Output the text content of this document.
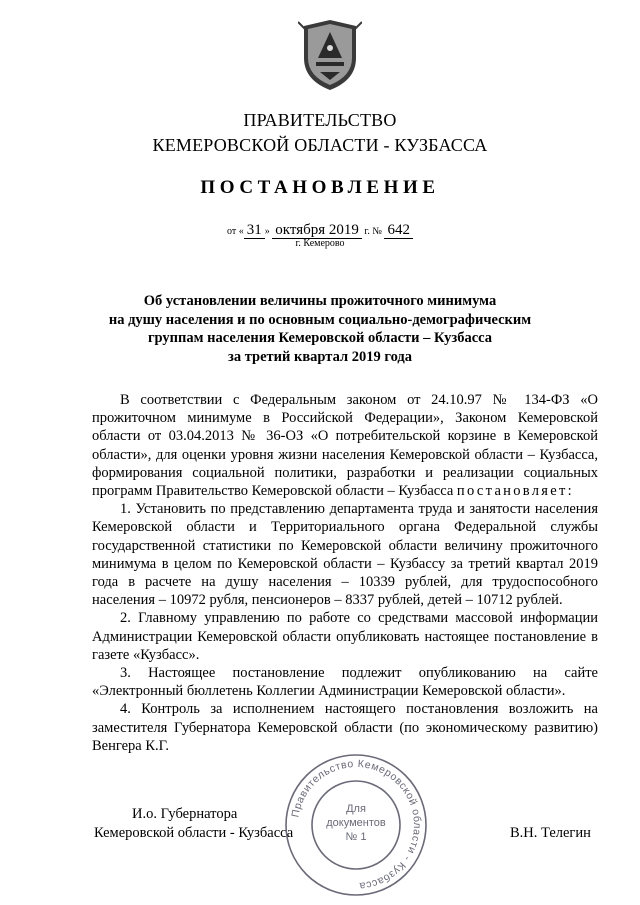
ПРАВИТЕЛЬСТВО
КЕМЕРОВСКОЙ ОБЛАСТИ - КУЗБАССА
ПОСТАНОВЛЕНИЕ
от « 31 » октября 2019 г. № 642
г. Кемерово
Об установлении величины прожиточного минимума
на душу населения и по основным социально-демографическим
группам населения Кемеровской области – Кузбасса
за третий квартал 2019 года

В соответствии с Федеральным законом от 24.10.97 № 134-ФЗ «О прожиточном минимуме в Российской Федерации», Законом Кемеровской области от 03.04.2013 № 36-ОЗ «О потребительской корзине в Кемеровской области», для оценки уровня жизни населения Кемеровской области – Кузбасса, формирования социальной политики, разработки и реализации социальных программ Правительство Кемеровской области – Кузбасса постановляет:

1. Установить по представлению департамента труда и занятости населения Кемеровской области и Территориального органа Федеральной службы государственной статистики по Кемеровской области величину прожиточного минимума в целом по Кемеровской области – Кузбассу за третий квартал 2019 года в расчете на душу населения – 10339 рублей, для трудоспособного населения – 10972 рубля, пенсионеров – 8337 рублей, детей – 10712 рублей.

2. Главному управлению по работе со средствами массовой информации Администрации Кемеровской области опубликовать настоящее постановление в газете «Кузбасс».

3. Настоящее постановление подлежит опубликованию на сайте «Электронный бюллетень Коллегии Администрации Кемеровской области».

4. Контроль за исполнением настоящего постановления возложить на заместителя Губернатора Кемеровской области (по экономическому развитию) Венгера К.Г.

И.о. Губернатора
Кемеровской области - Кузбасса	В.Н. Телегин
Правительство Кемеровской области - Кузбасса
Для
документов
№ 1
